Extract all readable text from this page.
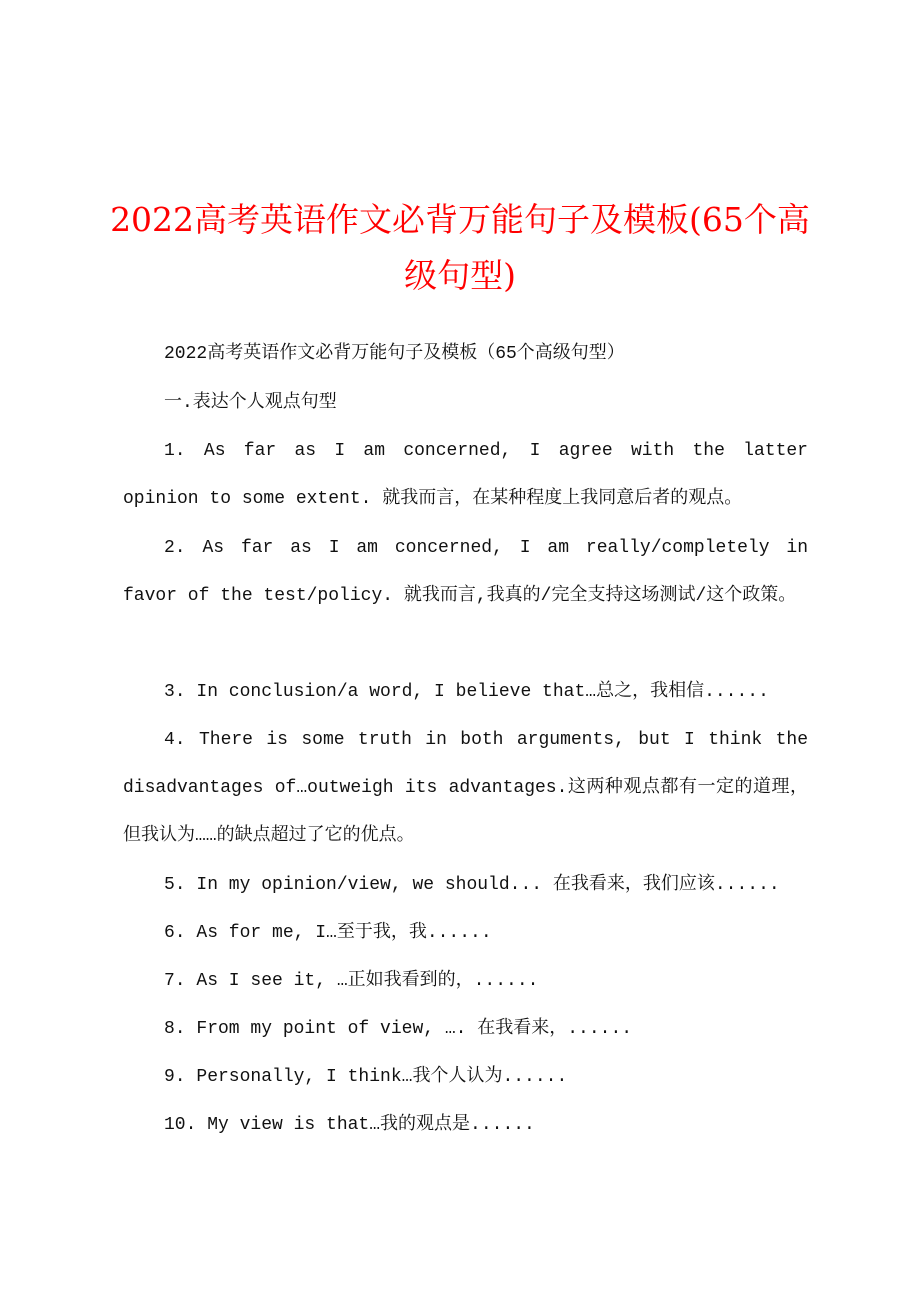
2022高考英语作文必背万能句子及模板(65个高级句型)
2022高考英语作文必背万能句子及模板（65个高级句型）
一.表达个人观点句型
1. As far as I am concerned, I agree with the latter opinion to some extent. 就我而言，在某种程度上我同意后者的观点。
2. As far as I am concerned, I am really/completely in favor of the test/policy. 就我而言,我真的/完全支持这场测试/这个政策。
3. In conclusion/a word, I believe that…总之，我相信......
4. There is some truth in both arguments, but I think the disadvantages of…outweigh its advantages.这两种观点都有一定的道理，但我认为……的缺点超过了它的优点。
5. In my opinion/view, we should... 在我看来，我们应该......
6. As for me, I…至于我，我......
7. As I see it, …正如我看到的，......
8. From my point of view, …. 在我看来，......
9. Personally, I think…我个人认为......
10. My view is that…我的观点是......
